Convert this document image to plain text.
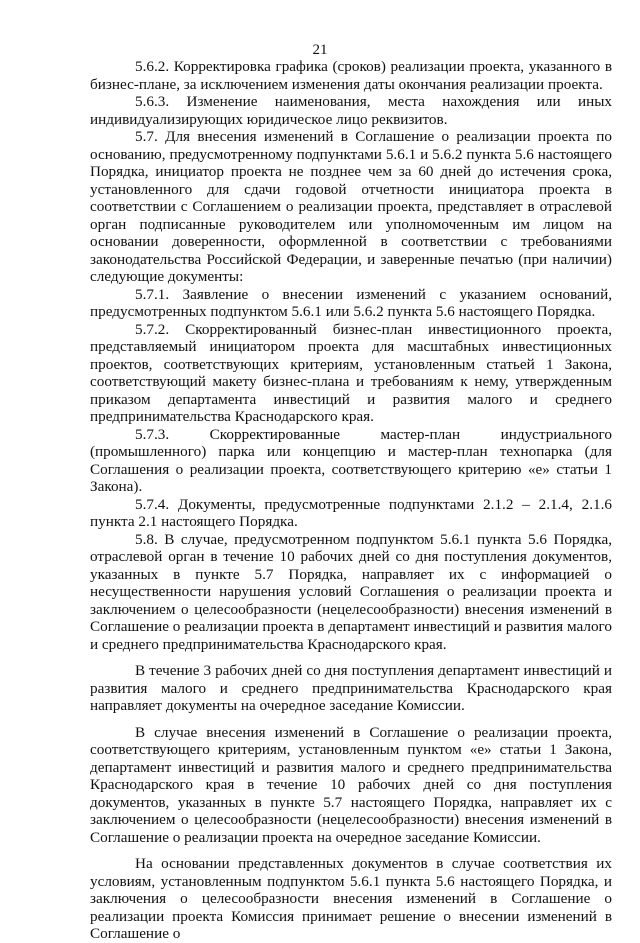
21

5.6.2. Корректировка графика (сроков) реализации проекта, указанного в бизнес-плане, за исключением изменения даты окончания реализации проекта.

5.6.3. Изменение наименования, места нахождения или иных индивидуализирующих юридическое лицо реквизитов.

5.7. Для внесения изменений в Соглашение о реализации проекта по основанию, предусмотренному подпунктами 5.6.1 и 5.6.2 пункта 5.6 настоящего Порядка, инициатор проекта не позднее чем за 60 дней до истечения срока, установленного для сдачи годовой отчетности инициатора проекта в соответствии с Соглашением о реализации проекта, представляет в отраслевой орган подписанные руководителем или уполномоченным им лицом на основании доверенности, оформленной в соответствии с требованиями законодательства Российской Федерации, и заверенные печатью (при наличии) следующие документы:

5.7.1. Заявление о внесении изменений с указанием оснований, предусмотренных подпунктом 5.6.1 или 5.6.2 пункта 5.6 настоящего Порядка.

5.7.2. Скорректированный бизнес-план инвестиционного проекта, представляемый инициатором проекта для масштабных инвестиционных проектов, соответствующих критериям, установленным статьей 1 Закона, соответствующий макету бизнес-плана и требованиям к нему, утвержденным приказом департамента инвестиций и развития малого и среднего предпринимательства Краснодарского края.

5.7.3. Скорректированные мастер-план индустриального (промышленного) парка или концепцию и мастер-план технопарка (для Соглашения о реализации проекта, соответствующего критерию «е» статьи 1 Закона).

5.7.4. Документы, предусмотренные подпунктами 2.1.2 – 2.1.4, 2.1.6 пункта 2.1 настоящего Порядка.

5.8. В случае, предусмотренном подпунктом 5.6.1 пункта 5.6 Порядка, отраслевой орган в течение 10 рабочих дней со дня поступления документов, указанных в пункте 5.7 Порядка, направляет их с информацией о несущественности нарушения условий Соглашения о реализации проекта и заключением о целесообразности (нецелесообразности) внесения изменений в Соглашение о реализации проекта в департамент инвестиций и развития малого и среднего предпринимательства Краснодарского края.

В течение 3 рабочих дней со дня поступления департамент инвестиций и развития малого и среднего предпринимательства Краснодарского края направляет документы на очередное заседание Комиссии.

В случае внесения изменений в Соглашение о реализации проекта, соответствующего критериям, установленным пунктом «е» статьи 1 Закона, департамент инвестиций и развития малого и среднего предпринимательства Краснодарского края в течение 10 рабочих дней со дня поступления документов, указанных в пункте 5.7 настоящего Порядка, направляет их с заключением о целесообразности (нецелесообразности) внесения изменений в Соглашение о реализации проекта на очередное заседание Комиссии.

На основании представленных документов в случае соответствия их условиям, установленным подпунктом 5.6.1 пункта 5.6 настоящего Порядка, и заключения о целесообразности внесения изменений в Соглашение о реализации проекта Комиссия принимает решение о внесении изменений в Соглашение о
